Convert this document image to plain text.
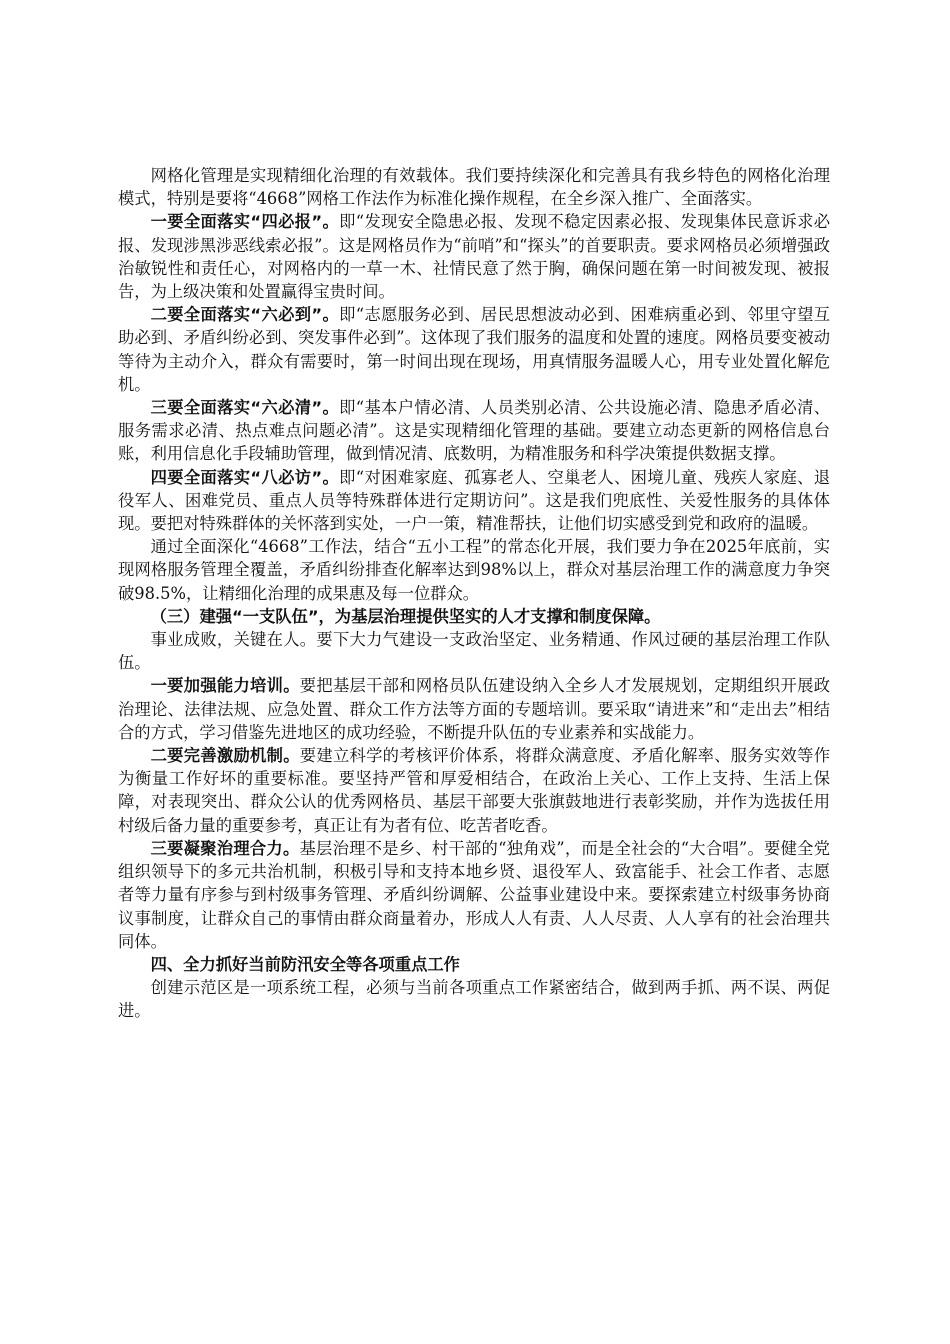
网格化管理是实现精细化治理的有效载体。我们要持续深化和完善具有我乡特色的网格化治理模式，特别是要将“4668”网格工作法作为标准化操作规程，在全乡深入推广、全面落实。

一要全面落实“四必报”。即“发现安全隐患必报、发现不稳定因素必报、发现集体民意诉求必报、发现涉黑涉恶线索必报”。这是网格员作为“前哨”和“探头”的首要职责。要求网格员必须增强政治敏锐性和责任心，对网格内的一草一木、社情民意了然于胸，确保问题在第一时间被发现、被报告，为上级决策和处置赢得宝贵时间。

二要全面落实“六必到”。即“志愿服务必到、居民思想波动必到、困难病重必到、邻里守望互助必到、矛盾纠纷必到、突发事件必到”。这体现了我们服务的温度和处置的速度。网格员要变被动等待为主动介入，群众有需要时，第一时间出现在现场，用真情服务温暖人心，用专业处置化解危机。

三要全面落实“六必清”。即“基本户情必清、人员类别必清、公共设施必清、隐患矛盾必清、服务需求必清、热点难点问题必清”。这是实现精细化管理的基础。要建立动态更新的网格信息台账，利用信息化手段辅助管理，做到情况清、底数明，为精准服务和科学决策提供数据支撑。

四要全面落实“八必访”。即“对困难家庭、孤寡老人、空巢老人、困境儿童、残疾人家庭、退役军人、困难党员、重点人员等特殊群体进行定期访问”。这是我们兜底性、关爱性服务的具体体现。要把对特殊群体的关怀落到实处，一户一策，精准帮扶，让他们切实感受到党和政府的温暖。

通过全面深化“4668”工作法，结合“五小工程”的常态化开展，我们要力争在2025年底前，实现网格服务管理全覆盖，矛盾纠纷排查化解率达到98%以上，群众对基层治理工作的满意度力争突破98.5%，让精细化治理的成果惠及每一位群众。

（三）建强“一支队伍”，为基层治理提供坚实的人才支撑和制度保障。

事业成败，关键在人。要下大力气建设一支政治坚定、业务精通、作风过硬的基层治理工作队伍。

一要加强能力培训。要把基层干部和网格员队伍建设纳入全乡人才发展规划，定期组织开展政治理论、法律法规、应急处置、群众工作方法等方面的专题培训。要采取“请进来”和“走出去”相结合的方式，学习借鉴先进地区的成功经验，不断提升队伍的专业素养和实战能力。

二要完善激励机制。要建立科学的考核评价体系，将群众满意度、矛盾化解率、服务实效等作为衡量工作好坏的重要标准。要坚持严管和厚爱相结合，在政治上关心、工作上支持、生活上保障，对表现突出、群众公认的优秀网格员、基层干部要大张旗鼓地进行表彰奖励，并作为选拔任用村级后备力量的重要参考，真正让有为者有位、吃苦者吃香。

三要凝聚治理合力。基层治理不是乡、村干部的“独角戏”，而是全社会的“大合唱”。要健全党组织领导下的多元共治机制，积极引导和支持本地乡贤、退役军人、致富能手、社会工作者、志愿者等力量有序参与到村级事务管理、矛盾纠纷调解、公益事业建设中来。要探索建立村级事务协商议事制度，让群众自己的事情由群众商量着办，形成人人有责、人人尽责、人人享有的社会治理共同体。

四、全力抓好当前防汛安全等各项重点工作

创建示范区是一项系统工程，必须与当前各项重点工作紧密结合，做到两手抓、两不误、两促进。
